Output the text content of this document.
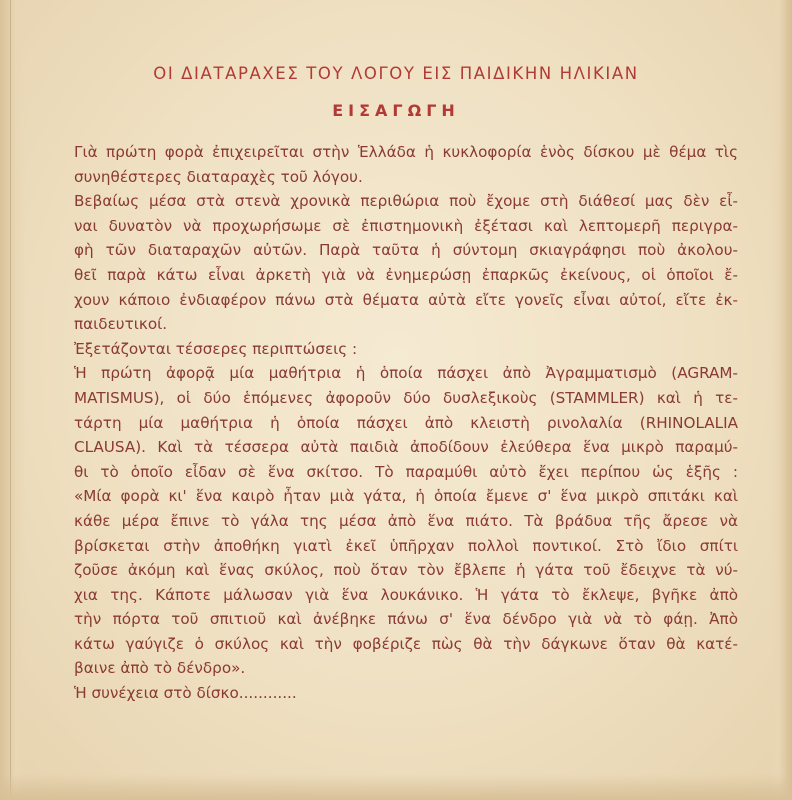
ΟΙ ΔΙΑΤΑΡΑΧΕΣ ΤΟΥ ΛΟΓΟΥ ΕΙΣ ΠΑΙΔΙΚΗΝ ΗΛΙΚΙΑΝ
ΕΙΣΑΓΩΓΗ
Γιὰ πρώτη φορὰ ἐπιχειρεῖται στὴν Ἑλλάδα ἡ κυκλοφορία ἑνὸς δίσκου μὲ θέμα τὶς
συνηθέστερες διαταραχὲς τοῦ λόγου.
Βεβαίως μέσα στὰ στενὰ χρονικὰ περιθώρια ποὺ ἔχομε στὴ διάθεσί μας δὲν εἶ-
ναι δυνατὸν νὰ προχωρήσωμε σὲ ἐπιστημονικὴ ἐξέτασι καὶ λεπτομερῆ περιγρα-
φὴ τῶν διαταραχῶν αὐτῶν. Παρὰ ταῦτα ἡ σύντομη σκιαγράφησι ποὺ ἀκολου-
θεῖ παρὰ κάτω εἶναι ἀρκετὴ γιὰ νὰ ἐνημερώσῃ ἐπαρκῶς ἐκείνους, οἱ ὁποῖοι ἔ-
χουν κάποιο ἐνδιαφέρον πάνω στὰ θέματα αὐτὰ εἴτε γονεῖς εἶναι αὐτοί, εἴτε ἐκ-
παιδευτικοί.
Ἐξετάζονται τέσσερες περιπτώσεις :
Ἡ πρώτη ἀφορᾷ μία μαθήτρια ἡ ὁποία πάσχει ἀπὸ Ἀγραμματισμὸ (AGRAM-
MATISMUS), οἱ δύο ἑπόμενες ἀφοροῦν δύο δυσλεξικοὺς (STAMMLER) καὶ ἡ τε-
τάρτη μία μαθήτρια ἡ ὁποία πάσχει ἀπὸ κλειστὴ ρινολαλία (RHINOLALIA
CLAUSA). Καὶ τὰ τέσσερα αὐτὰ παιδιὰ ἀποδίδουν ἐλεύθερα ἕνα μικρὸ παραμύ-
θι τὸ ὁποῖο εἶδαν σὲ ἕνα σκίτσο. Τὸ παραμύθι αὐτὸ ἔχει περίπου ὡς ἑξῆς :
«Μία φορὰ κι' ἕνα καιρὸ ἦταν μιὰ γάτα, ἡ ὁποία ἔμενε σ' ἕνα μικρὸ σπιτάκι καὶ
κάθε μέρα ἔπινε τὸ γάλα της μέσα ἀπὸ ἕνα πιάτο. Τὰ βράδυα τῆς ἄρεσε νὰ
βρίσκεται στὴν ἀποθήκη γιατὶ ἐκεῖ ὑπῆρχαν πολλοὶ ποντικοί. Στὸ ἴδιο σπίτι
ζοῦσε ἀκόμη καὶ ἕνας σκύλος, ποὺ ὅταν τὸν ἔβλεπε ἡ γάτα τοῦ ἔδειχνε τὰ νύ-
χια της. Κάποτε μάλωσαν γιὰ ἕνα λουκάνικο. Ἡ γάτα τὸ ἔκλεψε, βγῆκε ἀπὸ
τὴν πόρτα τοῦ σπιτιοῦ καὶ ἀνέβηκε πάνω σ' ἕνα δένδρο γιὰ νὰ τὸ φάῃ. Ἀπὸ
κάτω γαύγιζε ὁ σκύλος καὶ τὴν φοβέριζε πὼς θὰ τὴν δάγκωνε ὅταν θὰ κατέ-
βαινε ἀπὸ τὸ δένδρο».
Ἡ συνέχεια στὸ δίσκο............
